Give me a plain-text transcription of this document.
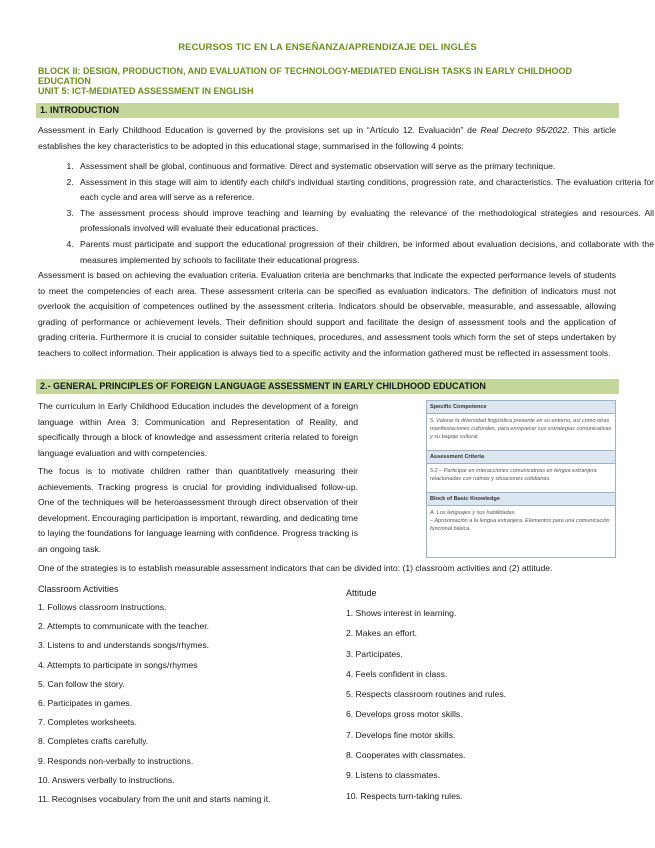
RECURSOS TIC EN LA ENSEÑANZA/APRENDIZAJE DEL INGLÉS
BLOCK II: DESIGN, PRODUCTION, AND EVALUATION OF TECHNOLOGY-MEDIATED ENGLISH TASKS IN EARLY CHILDHOOD EDUCATION
UNIT 5: ICT-MEDIATED ASSESSMENT IN ENGLISH
1. INTRODUCTION
Assessment in Early Childhood Education is governed by the provisions set up in “Artículo 12. Evaluación” de Real Decreto 95/2022. This article establishes the key characteristics to be adopted in this educational stage, summarised in the following 4 points:
1. Assessment shall be global, continuous and formative. Direct and systematic observation will serve as the primary technique.
2. Assessment in this stage will aim to identify each child's individual starting conditions, progression rate, and characteristics. The evaluation criteria for each cycle and area will serve as a reference.
3. The assessment process should improve teaching and learning by evaluating the relevance of the methodological strategies and resources. All professionals involved will evaluate their educational practices.
4. Parents must participate and support the educational progression of their children, be informed about evaluation decisions, and collaborate with the measures implemented by schools to facilitate their educational progress.
Assessment is based on achieving the evaluation criteria. Evaluation criteria are benchmarks that indicate the expected performance levels of students to meet the competencies of each area. These assessment criteria can be specified as evaluation indicators. The definition of indicators must not overlook the acquisition of competences outlined by the assessment criteria. Indicators should be observable, measurable, and assessable, allowing grading of performance or achievement levels. Their definition should support and facilitate the design of assessment tools and the application of grading criteria. Furthermore it is crucial to consider suitable techniques, procedures, and assessment tools which form the set of steps undertaken by teachers to collect information. Their application is always tied to a specific activity and the information gathered must be reflected in assessment tools.
2.- GENERAL PRINCIPLES OF FOREIGN LANGUAGE ASSESSMENT IN EARLY CHILDHOOD EDUCATION
The curriculum in Early Childhood Education includes the development of a foreign language within Area 3: Communication and Representation of Reality, and specifically through a block of knowledge and assessment criteria related to foreign language evaluation and with competencies.
The focus is to motivate children rather than quantitatively measuring their achievements. Tracking progress is crucial for providing individualised follow-up. One of the techniques will be heteroassessment through direct observation of their development. Encouraging participation is important, rewarding, and dedicating time to laying the foundations for language learning with confidence. Progress tracking is an ongoing task.
Specific Competence
5. Valorar la diversidad lingüística presente en su entorno, así como otras manifestaciones culturales, para enriquecer sus estrategias comunicativas y su bagaje cultural.
Assessment Criteria
5.2 – Participar en interacciones comunicativas en lengua extranjera relacionadas con rutinas y situaciones cotidianas.
Block of Basic Knowledge
A. Los lenguajes y sus habilidades.
– Aproximación a la lengua extranjera. Elementos para una comunicación funcional básica.
One of the strategies is to establish measurable assessment indicators that can be divided into: (1) classroom activities and (2) attitude.
Classroom Activities
1. Follows classroom instructions.
2. Attempts to communicate with the teacher.
3. Listens to and understands songs/rhymes.
4. Attempts to participate in songs/rhymes
5. Can follow the story.
6. Participates in games.
7. Completes worksheets.
8. Completes crafts carefully.
9. Responds non-verbally to instructions.
10. Answers verbally to instructions.
11. Recognises vocabulary from the unit and starts naming it.
Attitude
1. Shows interest in learning.
2. Makes an effort.
3. Participates.
4. Feels confident in class.
5. Respects classroom routines and rules.
6. Develops gross motor skills.
7. Develops fine motor skills.
8. Cooperates with classmates.
9. Listens to classmates.
10. Respects turn-taking rules.
